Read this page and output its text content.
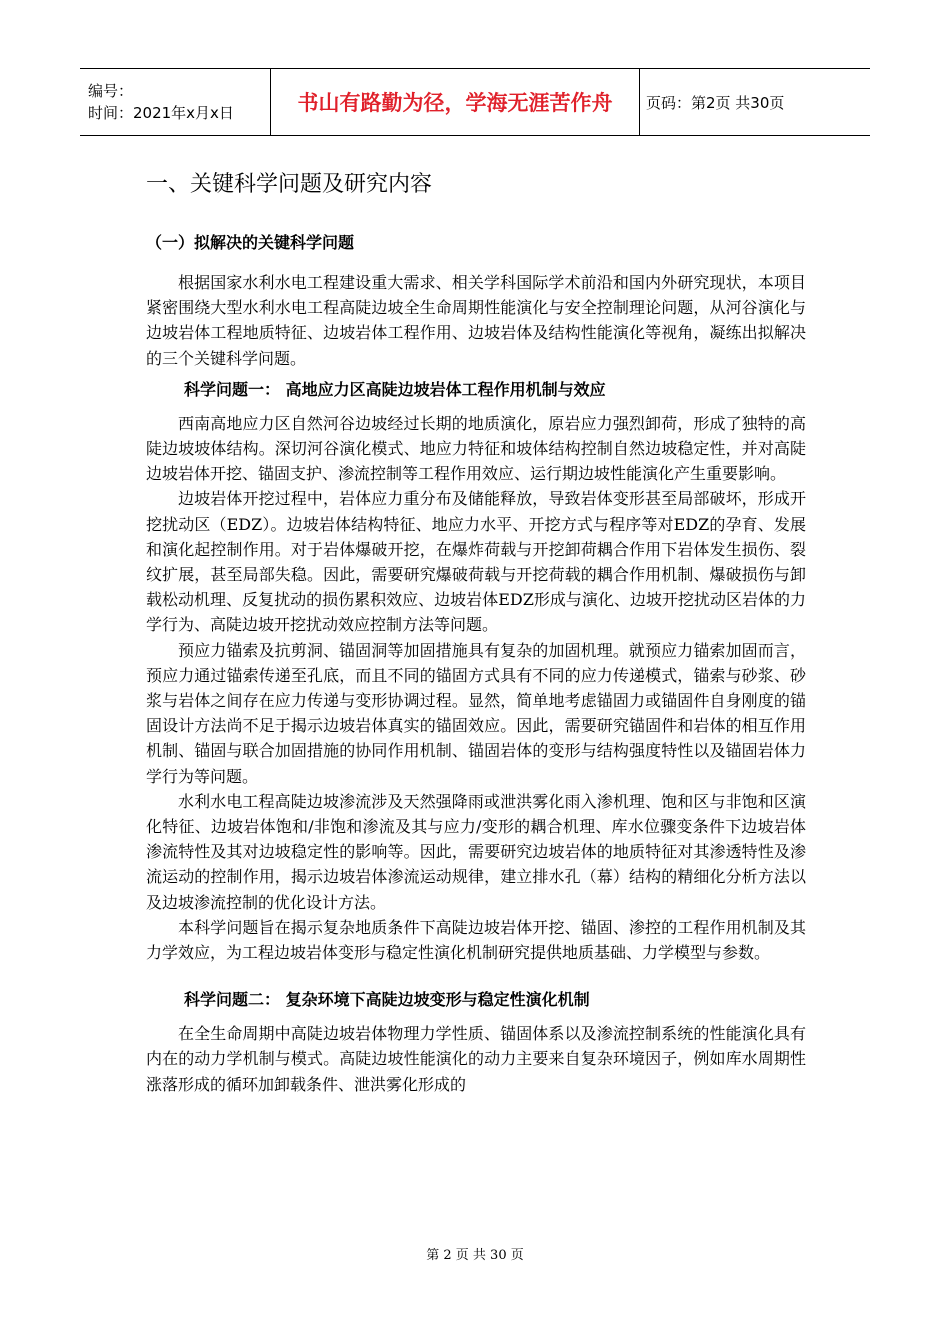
编号：
时间：2021年x月x日	书山有路勤为径，学海无涯苦作舟 页码：第2页 共30页
一、关键科学问题及研究内容
（一）拟解决的关键科学问题

根据国家水利水电工程建设重大需求、相关学科国际学术前沿和国内外研究现状，本项目紧密围绕大型水利水电工程高陡边坡全生命周期性能演化与安全控制理论问题，从河谷演化与边坡岩体工程地质特征、边坡岩体工程作用、边坡岩体及结构性能演化等视角，凝练出拟解决的三个关键科学问题。

科学问题一： 高地应力区高陡边坡岩体工程作用机制与效应

西南高地应力区自然河谷边坡经过长期的地质演化，原岩应力强烈卸荷，形成了独特的高陡边坡坡体结构。深切河谷演化模式、地应力特征和坡体结构控制自然边坡稳定性，并对高陡边坡岩体开挖、锚固支护、渗流控制等工程作用效应、运行期边坡性能演化产生重要影响。

边坡岩体开挖过程中，岩体应力重分布及储能释放，导致岩体变形甚至局部破坏，形成开挖扰动区（EDZ）。边坡岩体结构特征、地应力水平、开挖方式与程序等对EDZ的孕育、发展和演化起控制作用。对于岩体爆破开挖，在爆炸荷载与开挖卸荷耦合作用下岩体发生损伤、裂纹扩展，甚至局部失稳。因此，需要研究爆破荷载与开挖荷载的耦合作用机制、爆破损伤与卸载松动机理、反复扰动的损伤累积效应、边坡岩体EDZ形成与演化、边坡开挖扰动区岩体的力学行为、高陡边坡开挖扰动效应控制方法等问题。

预应力锚索及抗剪洞、锚固洞等加固措施具有复杂的加固机理。就预应力锚索加固而言，预应力通过锚索传递至孔底，而且不同的锚固方式具有不同的应力传递模式，锚索与砂浆、砂浆与岩体之间存在应力传递与变形协调过程。显然，简单地考虑锚固力或锚固件自身刚度的锚固设计方法尚不足于揭示边坡岩体真实的锚固效应。因此，需要研究锚固件和岩体的相互作用机制、锚固与联合加固措施的协同作用机制、锚固岩体的变形与结构强度特性以及锚固岩体力学行为等问题。

水利水电工程高陡边坡渗流涉及天然强降雨或泄洪雾化雨入渗机理、饱和区与非饱和区演化特征、边坡岩体饱和/非饱和渗流及其与应力/变形的耦合机理、库水位骤变条件下边坡岩体渗流特性及其对边坡稳定性的影响等。因此，需要研究边坡岩体的地质特征对其渗透特性及渗流运动的控制作用，揭示边坡岩体渗流运动规律，建立排水孔（幕）结构的精细化分析方法以及边坡渗流控制的优化设计方法。

本科学问题旨在揭示复杂地质条件下高陡边坡岩体开挖、锚固、渗控的工程作用机制及其力学效应，为工程边坡岩体变形与稳定性演化机制研究提供地质基础、力学模型与参数。

科学问题二： 复杂环境下高陡边坡变形与稳定性演化机制

在全生命周期中高陡边坡岩体物理力学性质、锚固体系以及渗流控制系统的性能演化具有内在的动力学机制与模式。高陡边坡性能演化的动力主要来自复杂环境因子，例如库水周期性涨落形成的循环加卸载条件、泄洪雾化形成的

第 2 页 共 30 页
